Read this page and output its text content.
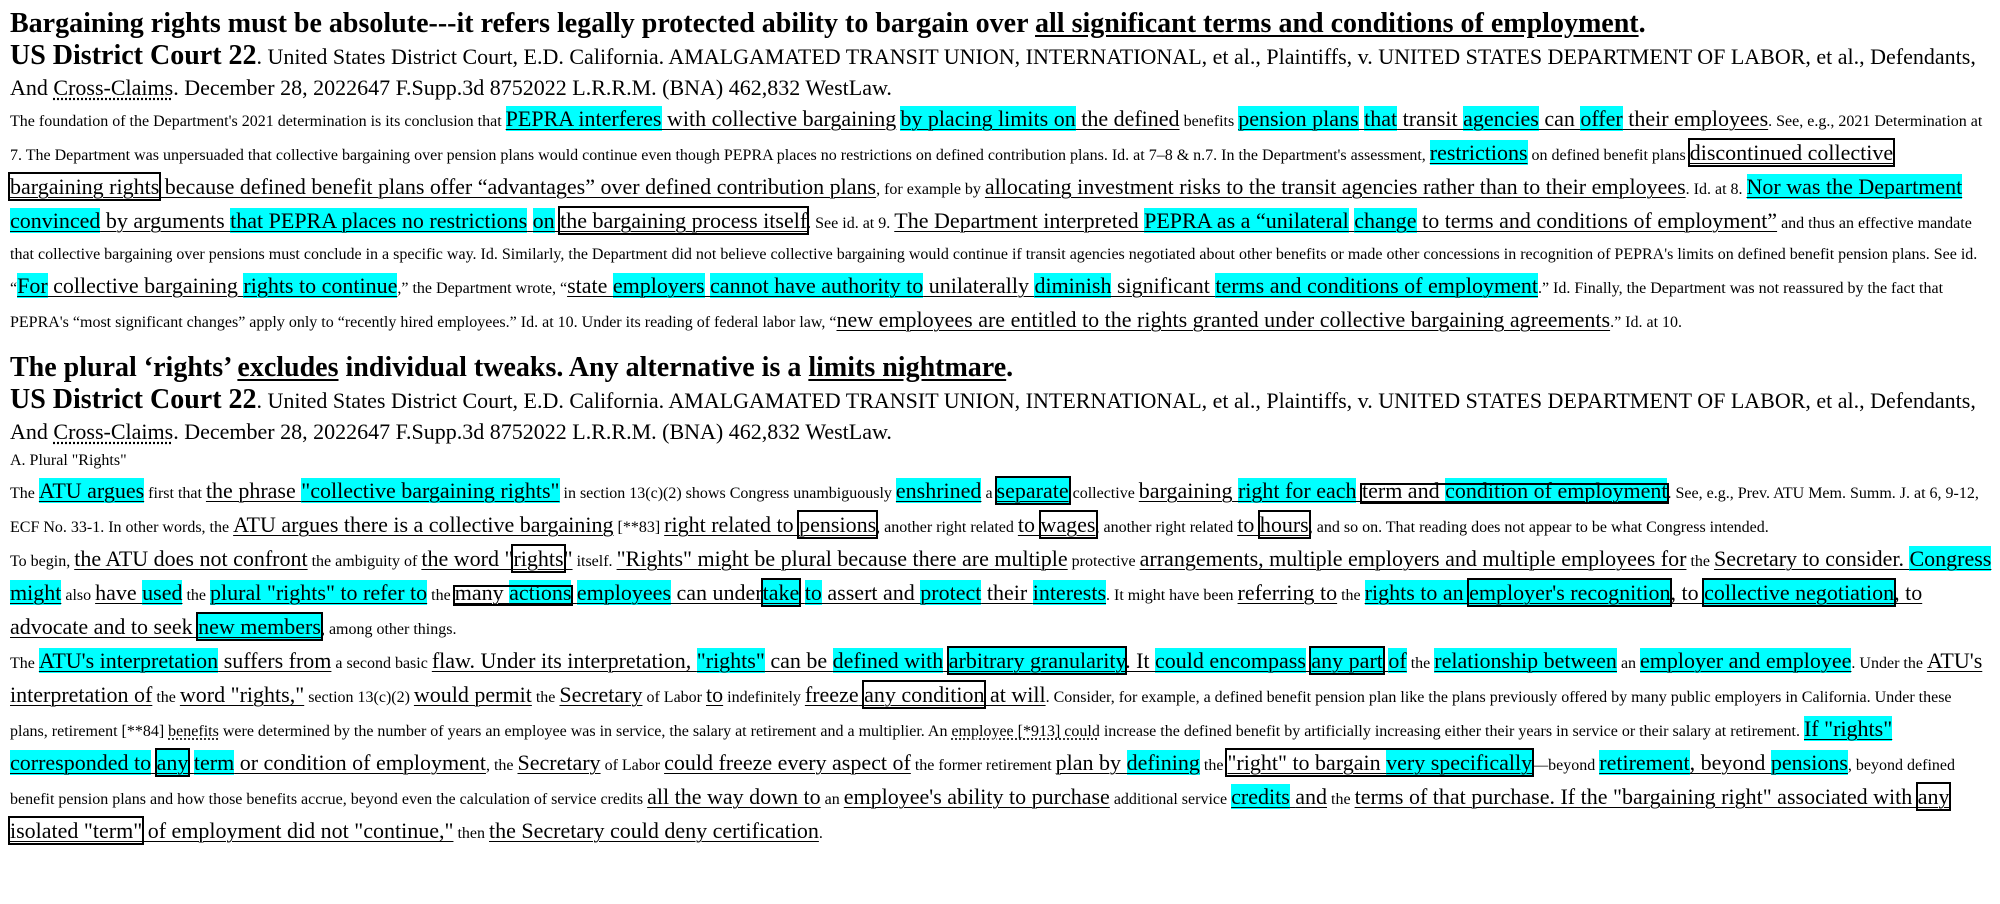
Bargaining rights must be absolute---it refers legally protected ability to bargain over all significant terms and conditions of employment.

US District Court 22. United States District Court, E.D. California. AMALGAMATED TRANSIT UNION, INTERNATIONAL, et al., Plaintiffs, v. UNITED STATES DEPARTMENT OF LABOR, et al., Defendants, And Cross-Claims. December 28, 2022647 F.Supp.3d 8752022 L.R.R.M. (BNA) 462,832 WestLaw.

The foundation of the Department's 2021 determination is its conclusion that PEPRA interferes with collective bargaining by placing limits on the defined benefits pension plans that transit agencies can offer their employees. See, e.g., 2021 Determination at 7. The Department was unpersuaded that collective bargaining over pension plans would continue even though PEPRA places no restrictions on defined contribution plans. Id. at 7–8 & n.7. In the Department's assessment, restrictions on defined benefit plans discontinued collective bargaining rights because defined benefit plans offer “advantages” over defined contribution plans, for example by allocating investment risks to the transit agencies rather than to their employees. Id. at 8. Nor was the Department convinced by arguments that PEPRA places no restrictions on the bargaining process itself. See id. at 9. The Department interpreted PEPRA as a “unilateral change to terms and conditions of employment” and thus an effective mandate that collective bargaining over pensions must conclude in a specific way. Id. Similarly, the Department did not believe collective bargaining would continue if transit agencies negotiated about other benefits or made other concessions in recognition of PEPRA's limits on defined benefit pension plans. See id. “For collective bargaining rights to continue,” the Department wrote, “state employers cannot have authority to unilaterally diminish significant terms and conditions of employment.” Id. Finally, the Department was not reassured by the fact that PEPRA's “most significant changes” apply only to “recently hired employees.” Id. at 10. Under its reading of federal labor law, “new employees are entitled to the rights granted under collective bargaining agreements.” Id. at 10.

The plural ‘rights’ excludes individual tweaks. Any alternative is a limits nightmare.

US District Court 22. United States District Court, E.D. California. AMALGAMATED TRANSIT UNION, INTERNATIONAL, et al., Plaintiffs, v. UNITED STATES DEPARTMENT OF LABOR, et al., Defendants, And Cross-Claims. December 28, 2022647 F.Supp.3d 8752022 L.R.R.M. (BNA) 462,832 WestLaw.

A. Plural "Rights"

The ATU argues first that the phrase "collective bargaining rights" in section 13(c)(2) shows Congress unambiguously enshrined a separate collective bargaining right for each term and condition of employment. See, e.g., Prev. ATU Mem. Summ. J. at 6, 9-12, ECF No. 33-1. In other words, the ATU argues there is a collective bargaining [**83] right related to pensions, another right related to wages, another right related to hours, and so on. That reading does not appear to be what Congress intended.

To begin, the ATU does not confront the ambiguity of the word "rights" itself. "Rights" might be plural because there are multiple protective arrangements, multiple employers and multiple employees for the Secretary to consider. Congress might also have used the plural "rights" to refer to the many actions employees can undertake to assert and protect their interests. It might have been referring to the rights to an employer's recognition, to collective negotiation, to advocate and to seek new members, among other things.

The ATU's interpretation suffers from a second basic flaw. Under its interpretation, "rights" can be defined with arbitrary granularity. It could encompass any part of the relationship between an employer and employee. Under the ATU's interpretation of the word "rights," section 13(c)(2) would permit the Secretary of Labor to indefinitely freeze any condition at will. Consider, for example, a defined benefit pension plan like the plans previously offered by many public employers in California. Under these plans, retirement [**84] benefits were determined by the number of years an employee was in service, the salary at retirement and a multiplier. An employee [*913] could increase the defined benefit by artificially increasing either their years in service or their salary at retirement. If "rights" corresponded to any term or condition of employment, the Secretary of Labor could freeze every aspect of the former retirement plan by defining the "right" to bargain very specifically—beyond retirement, beyond pensions, beyond defined benefit pension plans and how those benefits accrue, beyond even the calculation of service credits all the way down to an employee's ability to purchase additional service credits and the terms of that purchase. If the "bargaining right" associated with any isolated "term" of employment did not "continue," then the Secretary could deny certification.
